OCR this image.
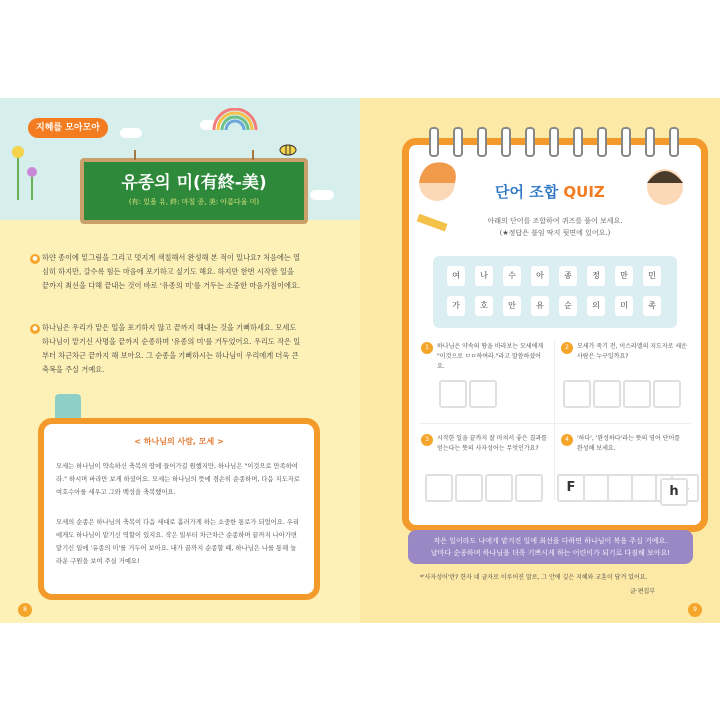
지혜를 모아모아
유종의 미(有終-美)
(有: 있을 유, 終: 마칠 종, 美: 아름다울 미)
● 하얀 종이에 밑그림을 그리고 멋지게 색칠해서 완성해 본 적이 있나요? 처음에는 열심히 하지만, 갈수록 힘든 마음에 포기하고 싶기도 해요. 하지만 한번 시작한 일을 끝까지 최선을 다해 끝내는 것이 바로 '유종의 미'를 거두는 소중한 마음가짐이에요.
● 하나님은 우리가 맡은 일을 포기하지 않고 끝까지 해내는 것을 기뻐하세요. 모세도 하나님이 맡기신 사명을 끝까지 순종하며 '유종의 미'를 거두었어요. 우리도 작은 일부터 차근차근 끝까지 해 보아요. 그 순종을 기뻐하시는 하나님이 우리에게 더욱 큰 축복을 주실 거예요.
< 하나님의 사람, 모세 >
모세는 하나님이 약속하신 축복의 땅에 들어가길 원했지만, 하나님은 "이것으로 만족하여라." 하시며 바라만 보게 하셨어요. 모세는 하나님의 뜻에 겸손히 순종하며, 다음 지도자로 여호수아를 세우고 그와 백성을 축복했어요.
모세의 순종은 하나님의 축복이 다음 세대로 흘러가게 하는 소중한 통로가 되었어요. 우리에게도 하나님이 맡기신 역할이 있지요. 작은 일부터 차근차근 순종하며 끝까지 나아가면 맡기신 일에 '유종의 미'를 거두어 보아요. 내가 끝까지 순종할 때, 하나님은 나를 통해 놀라운 구원을 보여 주실 거예요!
8	9
단어 조합 QUIZ
아래의 단어를 조합하여 퀴즈를 풀어 보세요.
(★정답은 불임 딱지 뒷면에 있어요.)
여	나	수	아	종	정	만	민
가	호	안	유	순	의	미	족
1	하나님은 약속의 땅을 바라보는 모세에게 "이것으로 ㅁㅁ하여라."라고 말씀하셨어요.
2	모세가 죽기 전, 이스라엘의 지도자로 세운 사람은 누구일까요?
3	시작한 일을 끝까지 잘 마쳐서 좋은 결과를 얻는다는 뜻의 사자성어는 무엇인가요?
4	'하다', '완성하다'라는 뜻의 영어 단어를 완성해 보세요.
F	h
작은 일이라도 나에게 맡겨진 일에 최선을 다하면 하나님이 복을 주실 거예요.
날마다 순종하며 하나님을 더욱 기쁘시게 하는 어린이가 되기로 다짐해 보아요!
*'사자성어'란? 한자 네 글자로 이루어진 말로, 그 안에 깊은 지혜와 교훈이 담겨 있어요.
글·편집부
